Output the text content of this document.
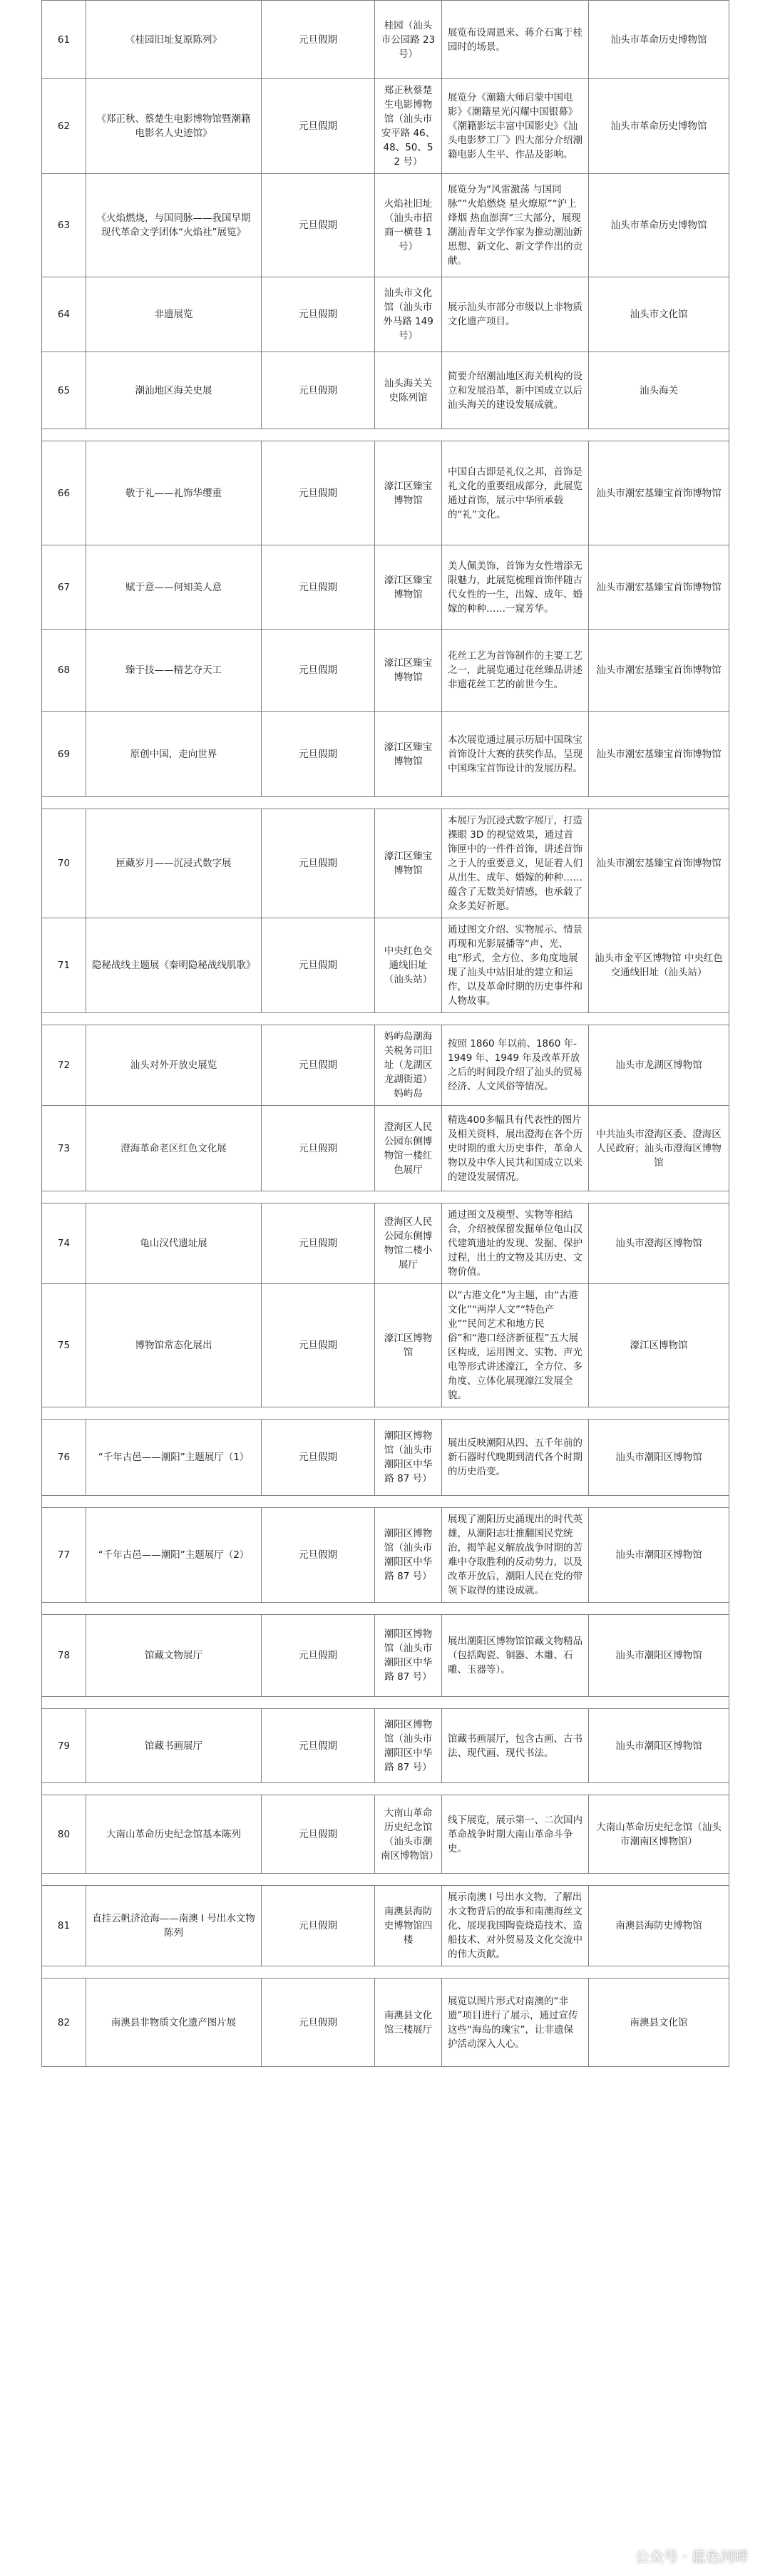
61	《桂园旧址复原陈列》	元旦假期	桂园（汕头市公园路 23 号）	展览布设周恩来、蒋介石寓于桂园时的场景。	汕头市革命历史博物馆
62	《郑正秋、蔡楚生电影博物馆暨潮籍电影名人史迹馆》	元旦假期	郑正秋蔡楚生电影博物馆（汕头市安平路 46、48、50、52 号）	展览分《潮籍大师启蒙中国电影》《潮籍星光闪耀中国银幕》《潮籍影坛丰富中国影史》《汕头电影梦工厂》四大部分介绍潮籍电影人生平、作品及影响。	汕头市革命历史博物馆
63	《火焰燃烧，与国同脉——我国早期现代革命文学团体“火焰社”展览》	元旦假期	火焰社旧址（汕头市招商一横巷 1 号）	展览分为“风雷激荡 与国同脉”“火焰燃烧 星火燎原”“沪上烽烟 热血澎湃”三大部分，展现潮汕青年文学作家为推动潮汕新思想、新文化、新文学作出的贡献。	汕头市革命历史博物馆
64	非遗展览	元旦假期	汕头市文化馆（汕头市外马路 149 号）	展示汕头市部分市级以上非物质文化遗产项目。	汕头市文化馆
65	潮汕地区海关史展	元旦假期	汕头海关关史陈列馆	简要介绍潮汕地区海关机构的设立和发展沿革，新中国成立以后汕头海关的建设发展成就。	汕头海关

66	敬于礼——礼饰华缨重	元旦假期	濠江区臻宝博物馆	中国自古即是礼仪之邦，首饰是礼文化的重要组成部分，此展览通过首饰，展示中华所承载的“礼”文化。	汕头市潮宏基臻宝首饰博物馆
67	赋于意——何知美人意	元旦假期	濠江区臻宝博物馆	美人佩美饰，首饰为女性增添无限魅力，此展览梳理首饰伴随古代女性的一生，出嫁、成年、婚嫁的种种……一窥芳华。	汕头市潮宏基臻宝首饰博物馆
68	臻于技——精艺夺天工	元旦假期	濠江区臻宝博物馆	花丝工艺为首饰制作的主要工艺之一，此展览通过花丝臻品讲述非遗花丝工艺的前世今生。	汕头市潮宏基臻宝首饰博物馆
69	原创中国，走向世界	元旦假期	濠江区臻宝博物馆	本次展览通过展示历届中国珠宝首饰设计大赛的获奖作品，呈现中国珠宝首饰设计的发展历程。	汕头市潮宏基臻宝首饰博物馆

70	匣藏岁月——沉浸式数字展	元旦假期	濠江区臻宝博物馆	本展厅为沉浸式数字展厅，打造裸眼 3D 的视觉效果，通过首饰匣中的一件件首饰，讲述首饰之于人的重要意义，见证着人们从出生、成年、婚嫁的种种……蕴含了无数美好情感，也承载了众多美好祈愿。	汕头市潮宏基臻宝首饰博物馆
71	隐秘战线主题展《秦明隐秘战线肌歌》	元旦假期	中央红色交通线旧址（汕头站）	通过图文介绍、实物展示、情景再现和光影展播等“声、光、电”形式，全方位、多角度地展现了汕头中站旧址的建立和运作，以及革命时期的历史事件和人物故事。	汕头市金平区博物馆 中央红色交通线旧址（汕头站）

72	汕头对外开放史展览	元旦假期	妈屿岛潮海关税务司旧址（龙湖区龙湖街道）妈屿岛	按照 1860 年以前、1860 年-1949 年、1949 年及改革开放之后的时间段介绍了汕头的贸易经济、人文风俗等情况。	汕头市龙湖区博物馆
73	澄海革命老区红色文化展	元旦假期	澄海区人民公园东侧博物馆一楼红色展厅	精选400多幅具有代表性的图片及相关资料，展出澄海在各个历史时期的重大历史事件，革命人物以及中华人民共和国成立以来的建设发展情况。	中共汕头市澄海区委、澄海区人民政府；汕头市澄海区博物馆

74	龟山汉代遗址展	元旦假期	澄海区人民公园东侧博物馆二楼小展厅	通过图文及模型、实物等相结合，介绍被保留发掘单位龟山汉代建筑遗址的发现、发掘、保护过程，出土的文物及其历史、文物价值。	汕头市澄海区博物馆
75	博物馆常态化展出	元旦假期	濠江区博物馆	以“古港文化”为主题，由“古港文化”“两岸人文”“特色产业”“民间艺术和地方民俗”和“港口经济新征程”五大展区构成，运用图文、实物、声光电等形式讲述濠江，全方位、多角度、立体化展现濠江发展全貌。	濠江区博物馆

76	“千年古邑——潮阳”主题展厅（1）	元旦假期	潮阳区博物馆（汕头市潮阳区中华路 87 号）	展出反映潮阳从四、五千年前的新石器时代晚期到清代各个时期的历史沿变。	汕头市潮阳区博物馆

77	“千年古邑——潮阳”主题展厅（2）	元旦假期	潮阳区博物馆（汕头市潮阳区中华路 87 号）	展现了潮阳历史涌现出的时代英雄，从潮阳志壮推翻国民党统治，揭竿起义解放战争时期的苦难中夺取胜利的反动势力，以及改革开放后，潮阳人民在党的带领下取得的建设成就。	汕头市潮阳区博物馆

78	馆藏文物展厅	元旦假期	潮阳区博物馆（汕头市潮阳区中华路 87 号）	展出潮阳区博物馆馆藏文物精品（包括陶瓷、铜器、木雕、石雕、玉器等）。	汕头市潮阳区博物馆

79	馆藏书画展厅	元旦假期	潮阳区博物馆（汕头市潮阳区中华路 87 号）	馆藏书画展厅，包含古画、古书法、现代画、现代书法。	汕头市潮阳区博物馆

80	大南山革命历史纪念馆基本陈列	元旦假期	大南山革命历史纪念馆（汕头市潮南区博物馆）	线下展览，展示第一、二次国内革命战争时期大南山革命斗争史。	大南山革命历史纪念馆（汕头市潮南区博物馆）

81	直挂云帆济沧海——南澳 I 号出水文物陈列	元旦假期	南澳县海防史博物馆四楼	展示南澳 I 号出水文物，了解出水文物背后的故事和南澳海丝文化、展现我国陶瓷烧造技术、造船技术、对外贸易及文化交流中的伟大贡献。	南澳县海防史博物馆

82	南澳县非物质文化遗产图片展	元旦假期	南澳县文化馆三楼展厅	展览以图片形式对南澳的“非遗”项目进行了展示，通过宣传这些“海岛的瑰宝”，让非遗保护活动深入人心。	南澳县文化馆
公众号 · 蓝色河畔
